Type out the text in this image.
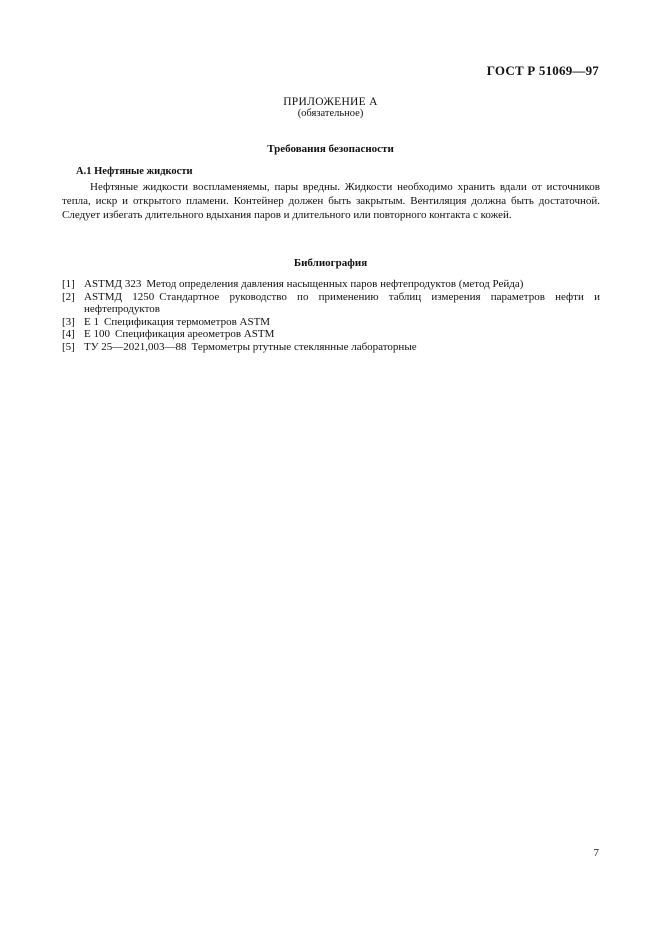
ГОСТ Р 51069—97
ПРИЛОЖЕНИЕ А
(обязательное)
Требования безопасности
А.1 Нефтяные жидкости

Нефтяные жидкости воспламеняемы, пары вредны. Жидкости необходимо хранить вдали от источников тепла, искр и открытого пламени. Контейнер должен быть закрытым. Вентиляция должна быть достаточной. Следует избегать длительного вдыхания паров и длительного или повторного контакта с кожей.

Библиография
[1] ASTMД 323 Метод определения давления насыщенных паров нефтепродуктов (метод Рейда)
[2] ASTMД 1250 Стандартное руководство по применению таблиц измерения параметров нефти и нефтепродуктов
[3] Е 1 Спецификация термометров ASTM
[4] Е 100 Спецификация ареометров ASTM
[5] ТУ 25—2021,003—88 Термометры ртутные стеклянные лабораторные
7
